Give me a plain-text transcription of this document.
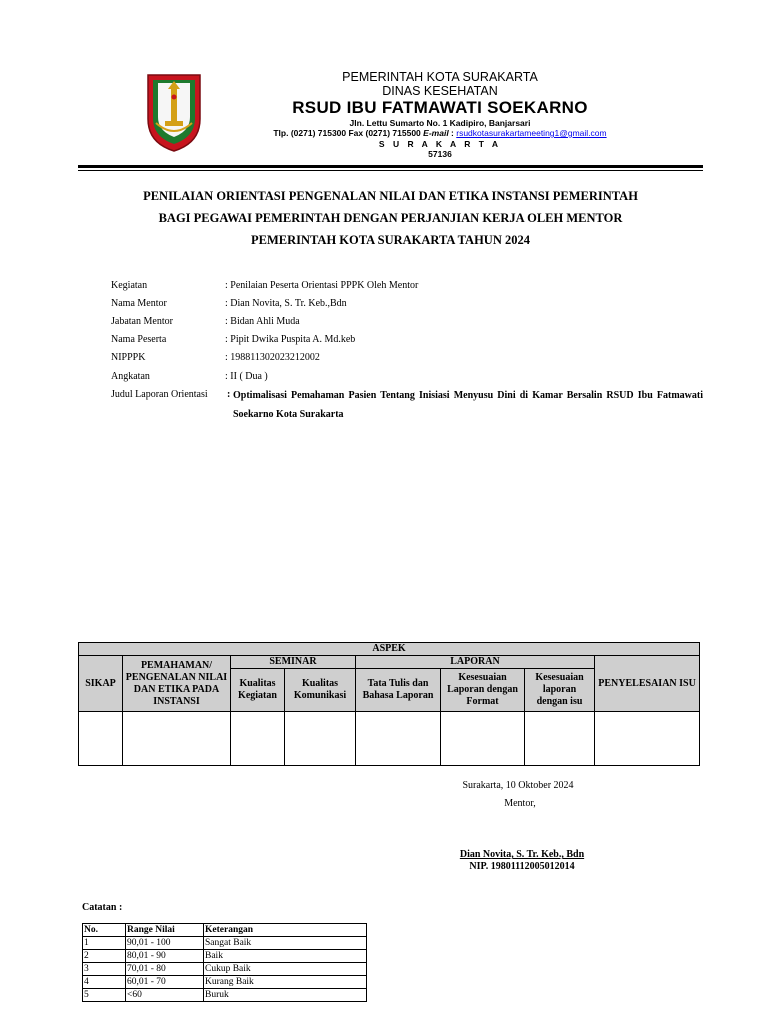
PEMERINTAH KOTA SURAKARTA
DINAS KESEHATAN
RSUD IBU FATMAWATI SOEKARNO
Jln. Lettu Sumarto No. 1 Kadipiro, Banjarsari
Tlp. (0271) 715300 Fax (0271) 715500 E-mail : rsudkotasurakartameeting1@gmail.com
S U R A K A R T A
57136
PENILAIAN ORIENTASI PENGENALAN NILAI DAN ETIKA INSTANSI PEMERINTAH
BAGI PEGAWAI PEMERINTAH DENGAN PERJANJIAN KERJA OLEH MENTOR
PEMERINTAH KOTA SURAKARTA TAHUN 2024
Kegiatan	: Penilaian Peserta Orientasi PPPK Oleh Mentor
Nama Mentor	: Dian Novita, S. Tr. Keb.,Bdn
Jabatan Mentor	: Bidan Ahli Muda
Nama Peserta	: Pipit Dwika Puspita A. Md.keb
NIPPPK	: 198811302023212002
Angkatan	: II ( Dua )
Judul Laporan Orientasi : Optimalisasi Pemahaman Pasien Tentang Inisiasi Menyusu Dini di Kamar Bersalin RSUD Ibu Fatmawati Soekarno Kota Surakarta
ASPEK							
SIKAP	PEMAHAMAN/ PENGENALAN NILAI DAN ETIKA PADA INSTANSI	SEMINAR		LAPORAN			PENYELESAIAN ISU
		Kualitas Kegiatan	Kualitas Komunikasi	Tata Tulis dan Bahasa Laporan	Kesesuaian Laporan dengan Format	Kesesuaian laporan dengan isu	

Surakarta, 10 Oktober 2024
Mentor,
Dian Novita, S. Tr. Keb., Bdn
NIP. 19801112005012014
Catatan :
No.	Range Nilai	Keterangan
1	90,01 - 100	Sangat Baik
2	80,01 - 90	Baik
3	70,01 - 80	Cukup Baik
4	60,01 - 70	Kurang Baik
5	<60	Buruk
